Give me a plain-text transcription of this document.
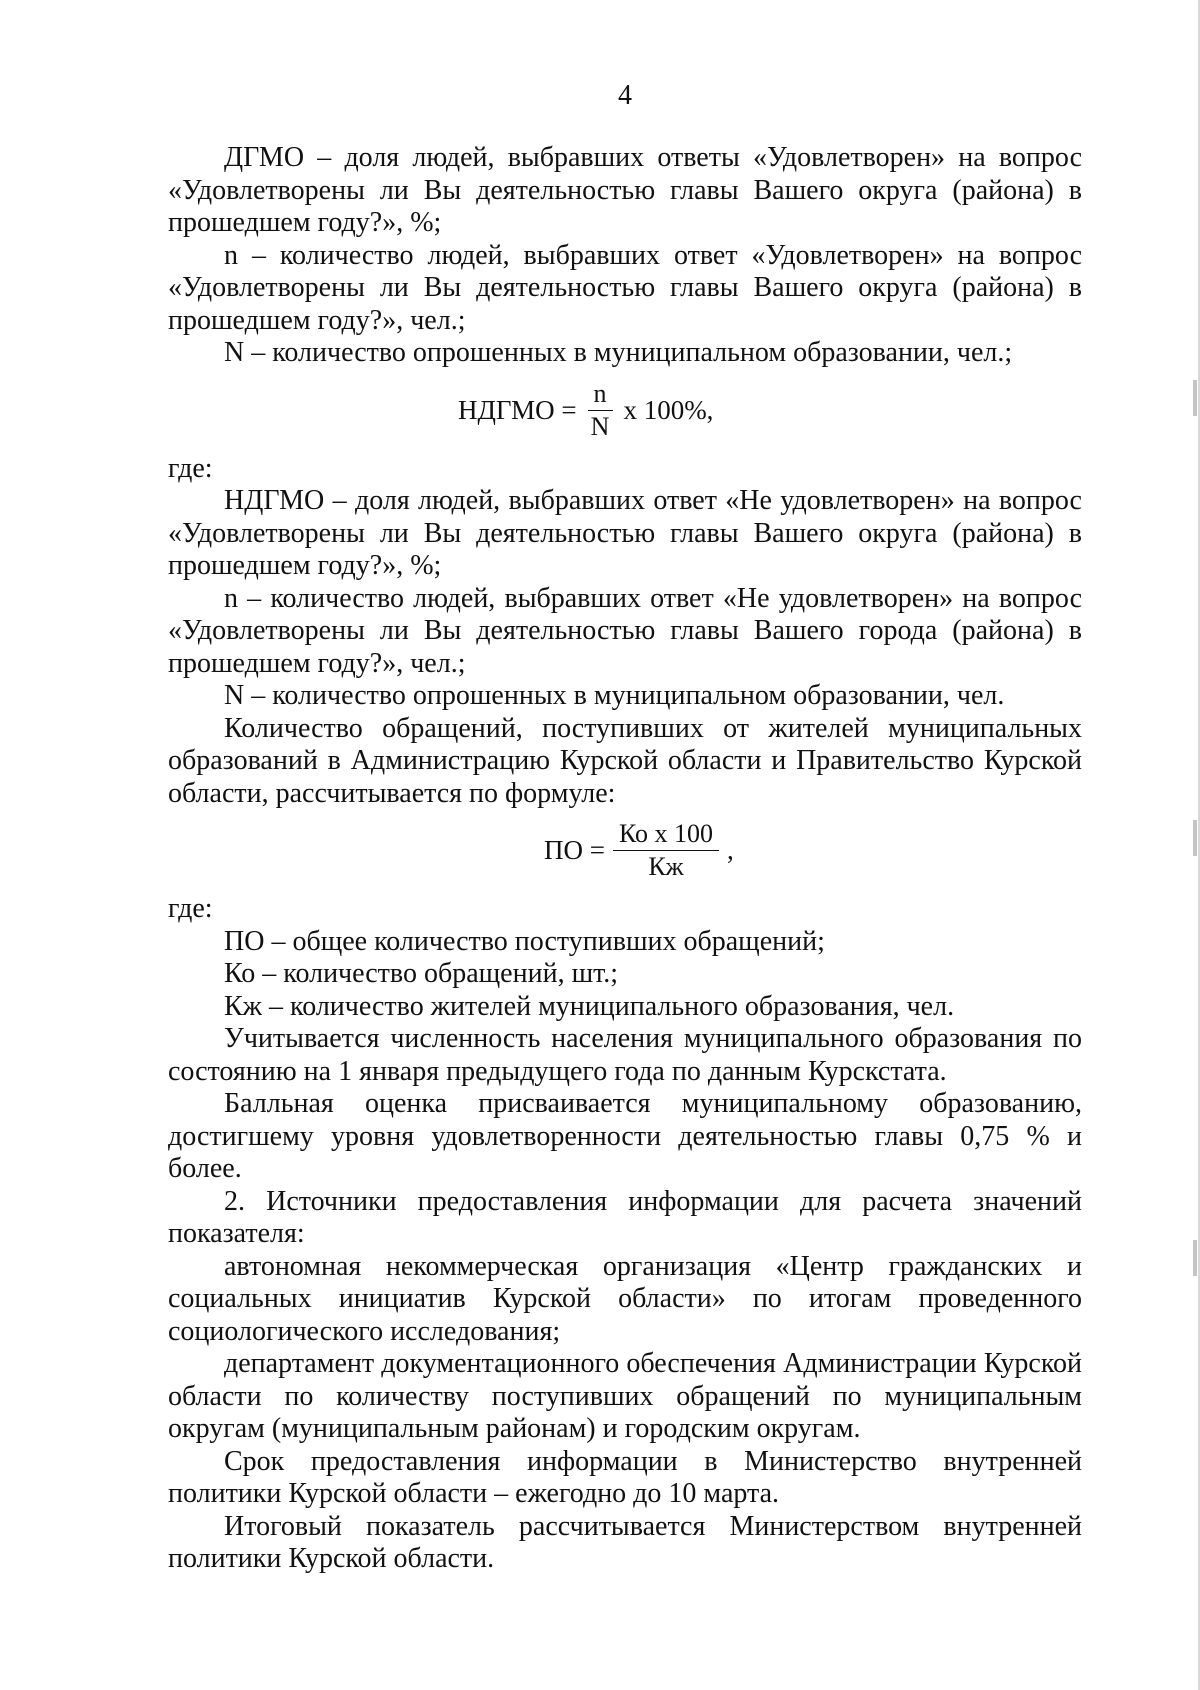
4

ДГМО – доля людей, выбравших ответы «Удовлетворен» на вопрос «Удовлетворены ли Вы деятельностью главы Вашего округа (района) в прошедшем году?», %;

n – количество людей, выбравших ответ «Удовлетворен» на вопрос «Удовлетворены ли Вы деятельностью главы Вашего округа (района) в прошедшем году?», чел.;

N – количество опрошенных в муниципальном образовании, чел.;

НДГМО = $\frac{n}{N}$ x 100%,

где:

НДГМО – доля людей, выбравших ответ «Не удовлетворен» на вопрос «Удовлетворены ли Вы деятельностью главы Вашего округа (района) в прошедшем году?», %;

n – количество людей, выбравших ответ «Не удовлетворен» на вопрос «Удовлетворены ли Вы деятельностью главы Вашего города (района) в прошедшем году?», чел.;

N – количество опрошенных в муниципальном образовании, чел.

Количество обращений, поступивших от жителей муниципальных образований в Администрацию Курской области и Правительство Курской области, рассчитывается по формуле:

ПО = $\frac{\text{Ко x 100}}{Кж}$ ,

где:

ПО – общее количество поступивших обращений;

Ко – количество обращений, шт.;

Кж – количество жителей муниципального образования, чел.

Учитывается численность населения муниципального образования по состоянию на 1 января предыдущего года по данным Курскстата.

Балльная оценка присваивается муниципальному образованию, достигшему уровня удовлетворенности деятельностью главы 0,75 % и более.

2. Источники предоставления информации для расчета значений показателя:

автономная некоммерческая организация «Центр гражданских и социальных инициатив Курской области» по итогам проведенного социологического исследования;

департамент документационного обеспечения Администрации Курской области по количеству поступивших обращений по муниципальным округам (муниципальным районам) и городским округам.

Срок предоставления информации в Министерство внутренней политики Курской области – ежегодно до 10 марта.

Итоговый показатель рассчитывается Министерством внутренней политики Курской области.
